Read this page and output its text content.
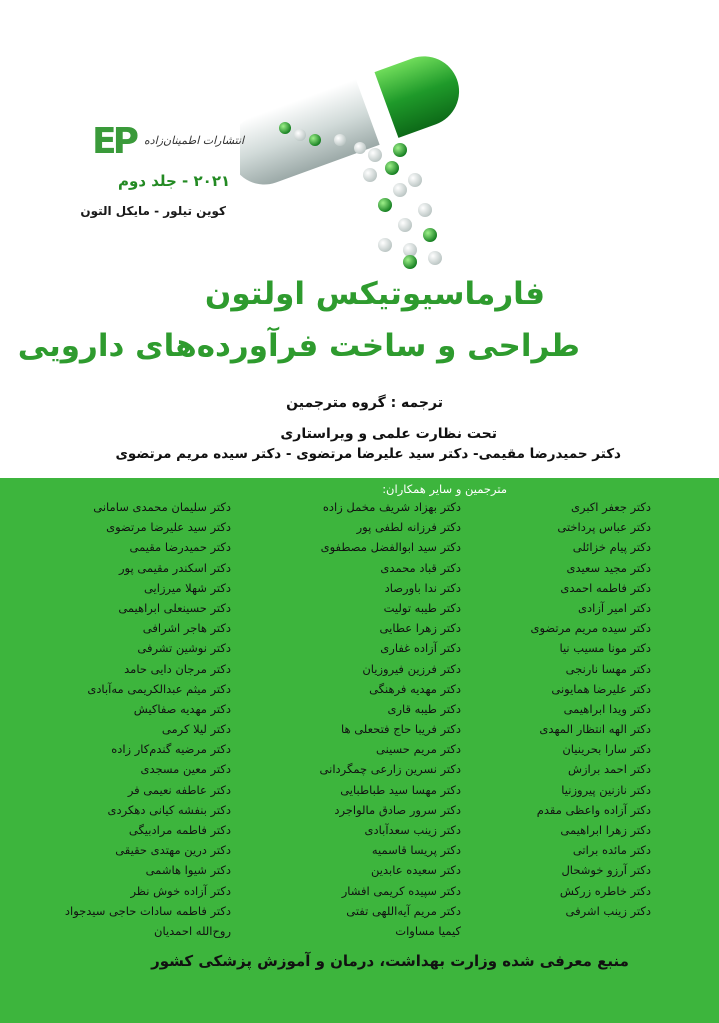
EP انتشارات اطمینان‌زاده
۲۰۲۱ - جلد دوم
کوین تیلور - مایکل التون
فارماسیوتیکس اولتون
طراحی و ساخت فرآورده‌های دارویی
ترجمه : گروه مترجمین
تحت نظارت علمی و ویراستاری
دکتر حمیدرضا مقیمی- دکتر سید علیرضا مرتضوی - دکتر سیده مریم مرتضوی
مترجمین و سایر همکاران:
دکتر جعفر اکبری
دکتر عباس پرداختی
دکتر پیام خزائلی
دکتر مجید سعیدی
دکتر فاطمه احمدی
دکتر امیر آزادی
دکتر سیده مریم مرتضوی
دکتر مونا مسیب نیا
دکتر مهسا نارنجی
دکتر علیرضا همایونی
دکتر ویدا ابراهیمی
دکتر الهه انتظار المهدی
دکتر سارا بحرینیان
دکتر احمد برازش
دکتر نازنین پیروزنیا
دکتر آزاده واعظی مقدم
دکتر زهرا ابراهیمی
دکتر مائده براتی
دکتر آرزو خوشحال
دکتر خاطره زرکش
دکتر زینب اشرفی
دکتر بهزاد شریف مخمل زاده
دکتر فرزانه لطفی پور
دکتر سید ابوالفضل مصطفوی
دکتر قباد محمدی
دکتر ندا باورصاد
دکتر طیبه تولیت
دکتر زهرا عطایی
دکتر آزاده غفاری
دکتر فرزین فیروزیان
دکتر مهدیه فرهنگی
دکتر طیبه قاری
دکتر فریبا حاج فتحعلی ها
دکتر مریم حسینی
دکتر نسرین زارعی چمگردانی
دکتر مهسا سید طباطبایی
دکتر سرور صادق مالواجرد
دکتر زینب سعدآبادی
دکتر پریسا قاسمیه
دکتر سعیده عابدین
دکتر سپیده کریمی افشار
دکتر مریم آیه‌اللهی تفتی
کیمیا مساوات
دکتر سلیمان محمدی سامانی
دکتر سید علیرضا مرتضوی
دکتر حمیدرضا مقیمی
دکتر اسکندر مقیمی پور
دکتر شهلا میرزایی
دکتر حسینعلی ابراهیمی
دکتر هاجر اشرافی
دکتر نوشین تشرفی
دکتر مرجان دایی حامد
دکتر میثم عبدالکریمی مه‌آبادی
دکتر مهدیه صفاکیش
دکتر لیلا کرمی
دکتر مرضیه گندم‌کار زاده
دکتر معین مسجدی
دکتر عاطفه نعیمی فر
دکتر بنفشه کیانی دهکردی
دکتر فاطمه مرادبیگی
دکتر درین مهتدی حقیقی
دکتر شیوا هاشمی
دکتر آزاده خوش نظر
دکتر فاطمه سادات حاجی سیدجواد
روح‌الله احمدیان
منبع معرفی شده وزارت بهداشت، درمان و آموزش پزشکی کشور
